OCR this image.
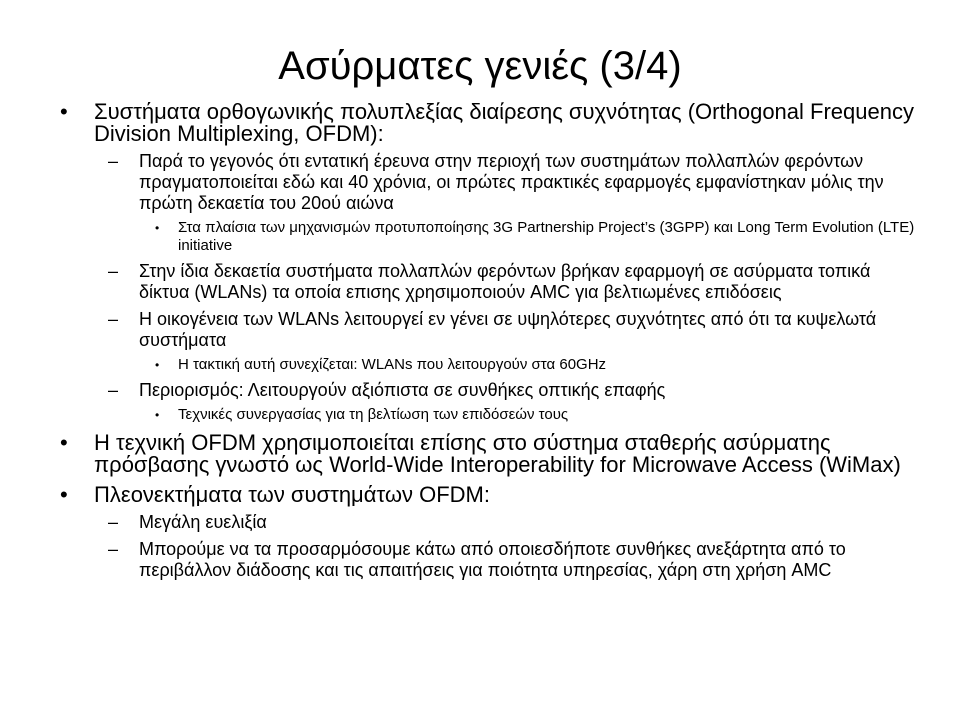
Ασύρματες γενιές (3/4)
•
Συστήματα ορθογωνικής πολυπλεξίας διαίρεσης συχνότητας (Orthogonal Frequency Division Multiplexing, OFDM):
–
Παρά το γεγονός ότι εντατική έρευνα στην περιοχή των συστημάτων πολλαπλών φερόντων πραγματοποιείται εδώ και 40 χρόνια, οι πρώτες πρακτικές εφαρμογές εμφανίστηκαν μόλις την πρώτη δεκαετία του 20ού αιώνα
•
Στα πλαίσια των μηχανισμών προτυποποίησης 3G Partnership Project’s (3GPP) και Long Term Evolution (LTE) initiative
–
Στην ίδια δεκαετία συστήματα πολλαπλών φερόντων βρήκαν εφαρμογή σε ασύρματα τοπικά δίκτυα (WLANs) τα οποία επισης χρησιμοποιούν AMC για βελτιωμένες επιδόσεις
–
Η οικογένεια των WLANs λειτουργεί εν γένει σε υψηλότερες συχνότητες από ότι τα κυψελωτά συστήματα
•
Η τακτική αυτή συνεχίζεται: WLANs που λειτουργούν στα 60GHz
–
Περιορισμός: Λειτουργούν αξιόπιστα σε συνθήκες οπτικής επαφής
•
Τεχνικές συνεργασίας για τη βελτίωση των επιδόσεών τους
•
Η τεχνική OFDM χρησιμοποιείται επίσης στο σύστημα σταθερής ασύρματης πρόσβασης γνωστό ως World-Wide Interoperability for Microwave Access (WiMax)
•
Πλεονεκτήματα των συστημάτων OFDM:
–
Μεγάλη ευελιξία
–
Μπορούμε να τα προσαρμόσουμε κάτω από οποιεσδήποτε συνθήκες ανεξάρτητα από το περιβάλλον διάδοσης και τις απαιτήσεις για ποιότητα υπηρεσίας, χάρη στη χρήση AMC
